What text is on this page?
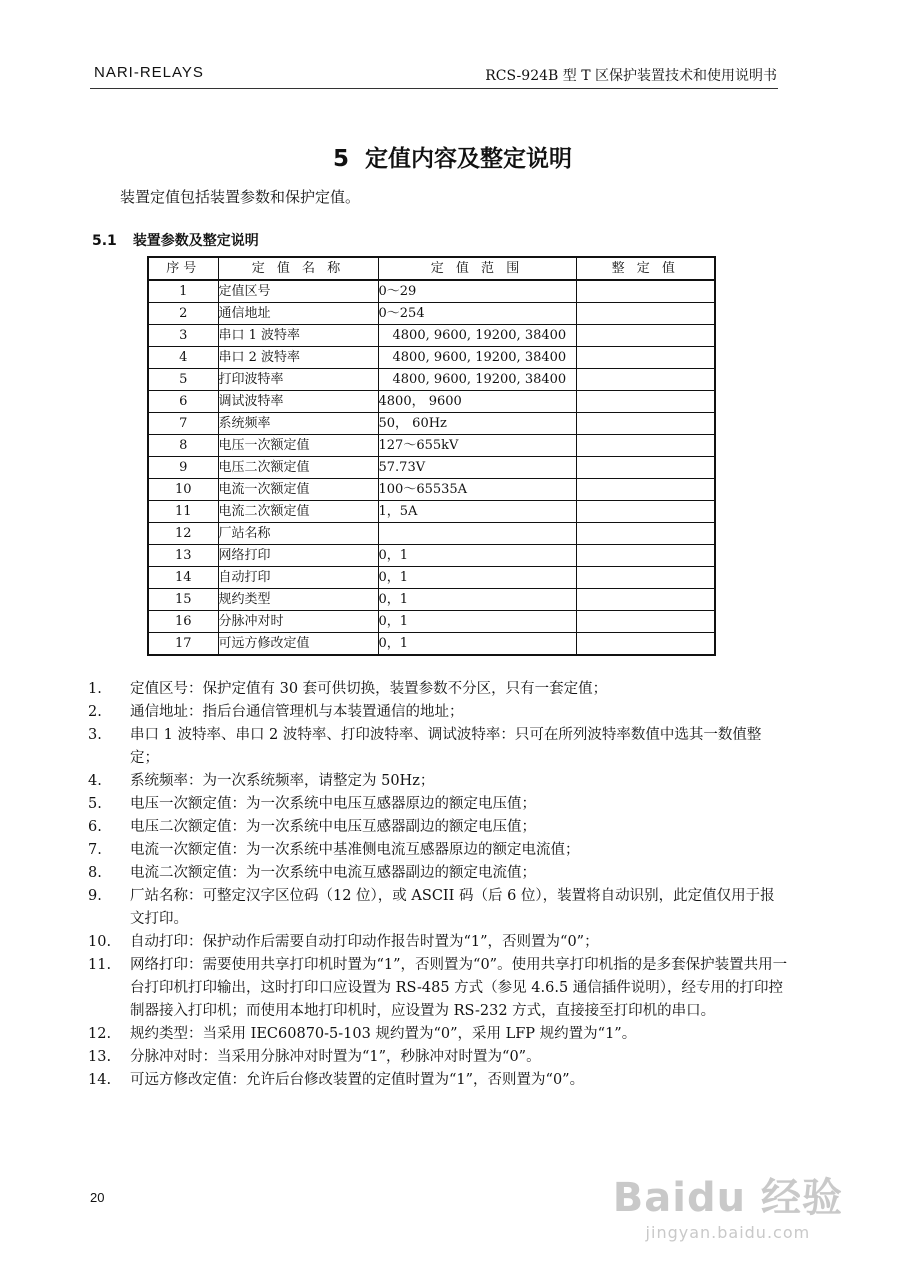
NARI-RELAYS	RCS-924B 型 T 区保护装置技术和使用说明书
5 定值内容及整定说明
装置定值包括装置参数和保护定值。
5.1 装置参数及整定说明
序号	定 值 名 称	定 值 范 围	整 定 值
1	定值区号	0～29	
2	通信地址	0～254	
3	串口 1 波特率	4800, 9600, 19200, 38400	
4	串口 2 波特率	4800, 9600, 19200, 38400	
5	打印波特率	4800, 9600, 19200, 38400	
6	调试波特率	4800， 9600	
7	系统频率	50， 60Hz	
8	电压一次额定值	127～655kV	
9	电压二次额定值	57.73V	
10	电流一次额定值	100～65535A	
11	电流二次额定值	1，5A	
12	厂站名称		
13	网络打印	0，1	
14	自动打印	0，1	
15	规约类型	0，1	
16	分脉冲对时	0，1	
17	可远方修改定值	0，1	
1.	定值区号：保护定值有 30 套可供切换，装置参数不分区，只有一套定值；
2.	通信地址：指后台通信管理机与本装置通信的地址；
3.	串口 1 波特率、串口 2 波特率、打印波特率、调试波特率：只可在所列波特率数值中选其一数值整定；
4.	系统频率：为一次系统频率，请整定为 50Hz；
5.	电压一次额定值：为一次系统中电压互感器原边的额定电压值；
6.	电压二次额定值：为一次系统中电压互感器副边的额定电压值；
7.	电流一次额定值：为一次系统中基准侧电流互感器原边的额定电流值；
8.	电流二次额定值：为一次系统中电流互感器副边的额定电流值；
9.	厂站名称：可整定汉字区位码（12 位），或 ASCII 码（后 6 位），装置将自动识别，此定值仅用于报文打印。
10.	自动打印：保护动作后需要自动打印动作报告时置为“1”，否则置为“0”；
11.	网络打印：需要使用共享打印机时置为“1”，否则置为“0”。使用共享打印机指的是多套保护装置共用一台打印机打印输出，这时打印口应设置为 RS-485 方式（参见 4.6.5 通信插件说明），经专用的打印控制器接入打印机；而使用本地打印机时，应设置为 RS-232 方式，直接接至打印机的串口。
12.	规约类型：当采用 IEC60870-5-103 规约置为“0”，采用 LFP 规约置为“1”。
13.	分脉冲对时：当采用分脉冲对时置为“1”，秒脉冲对时置为“0”。
14.	可远方修改定值：允许后台修改装置的定值时置为“1”，否则置为“0”。
20	Baidu 经验
jingyan.baidu.com
